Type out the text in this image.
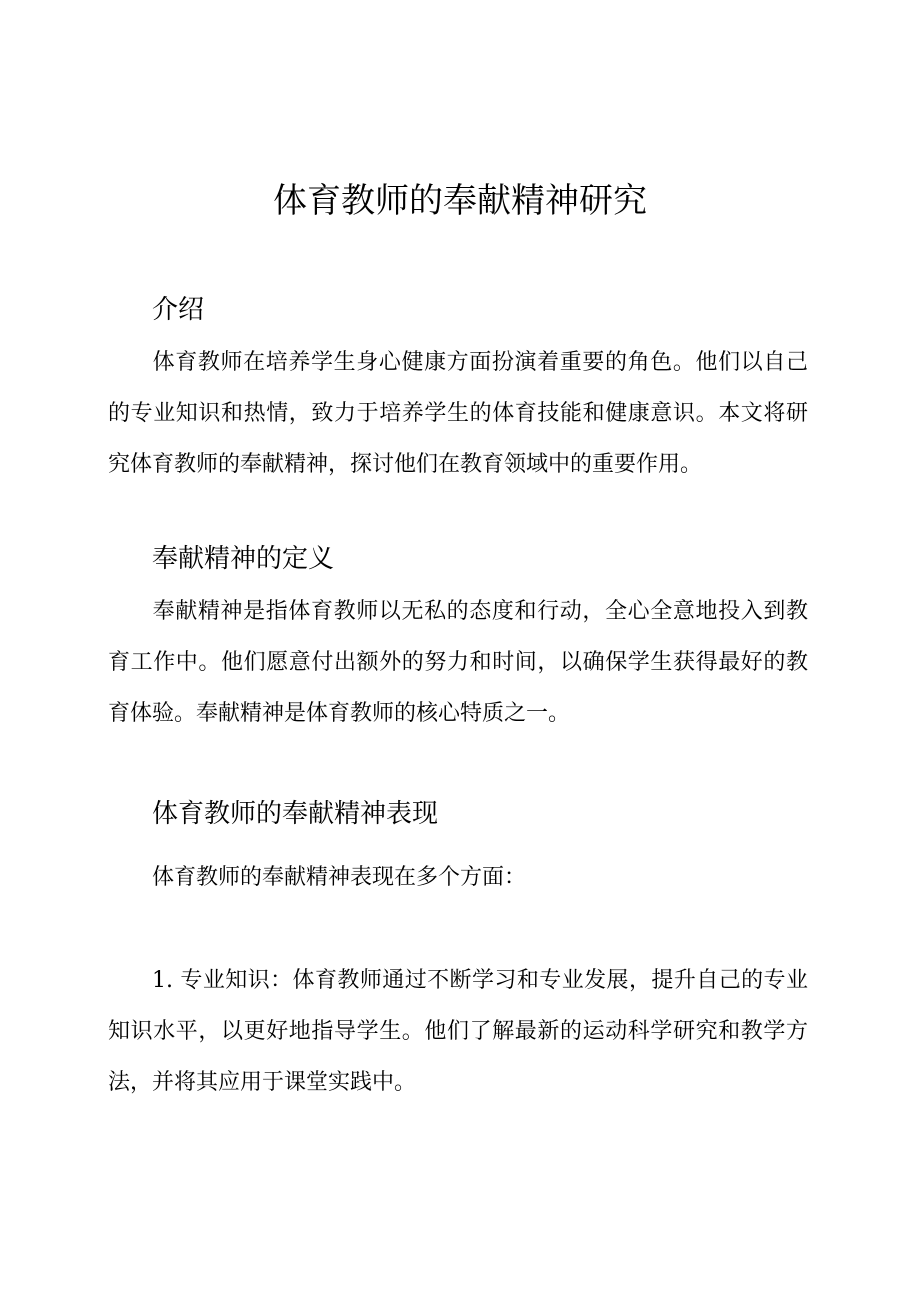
体育教师的奉献精神研究
介绍

体育教师在培养学生身心健康方面扮演着重要的角色。他们以自己的专业知识和热情，致力于培养学生的体育技能和健康意识。本文将研究体育教师的奉献精神，探讨他们在教育领域中的重要作用。

奉献精神的定义

奉献精神是指体育教师以无私的态度和行动，全心全意地投入到教育工作中。他们愿意付出额外的努力和时间，以确保学生获得最好的教育体验。奉献精神是体育教师的核心特质之一。

体育教师的奉献精神表现

体育教师的奉献精神表现在多个方面：

1. 专业知识：体育教师通过不断学习和专业发展，提升自己的专业知识水平，以更好地指导学生。他们了解最新的运动科学研究和教学方法，并将其应用于课堂实践中。
